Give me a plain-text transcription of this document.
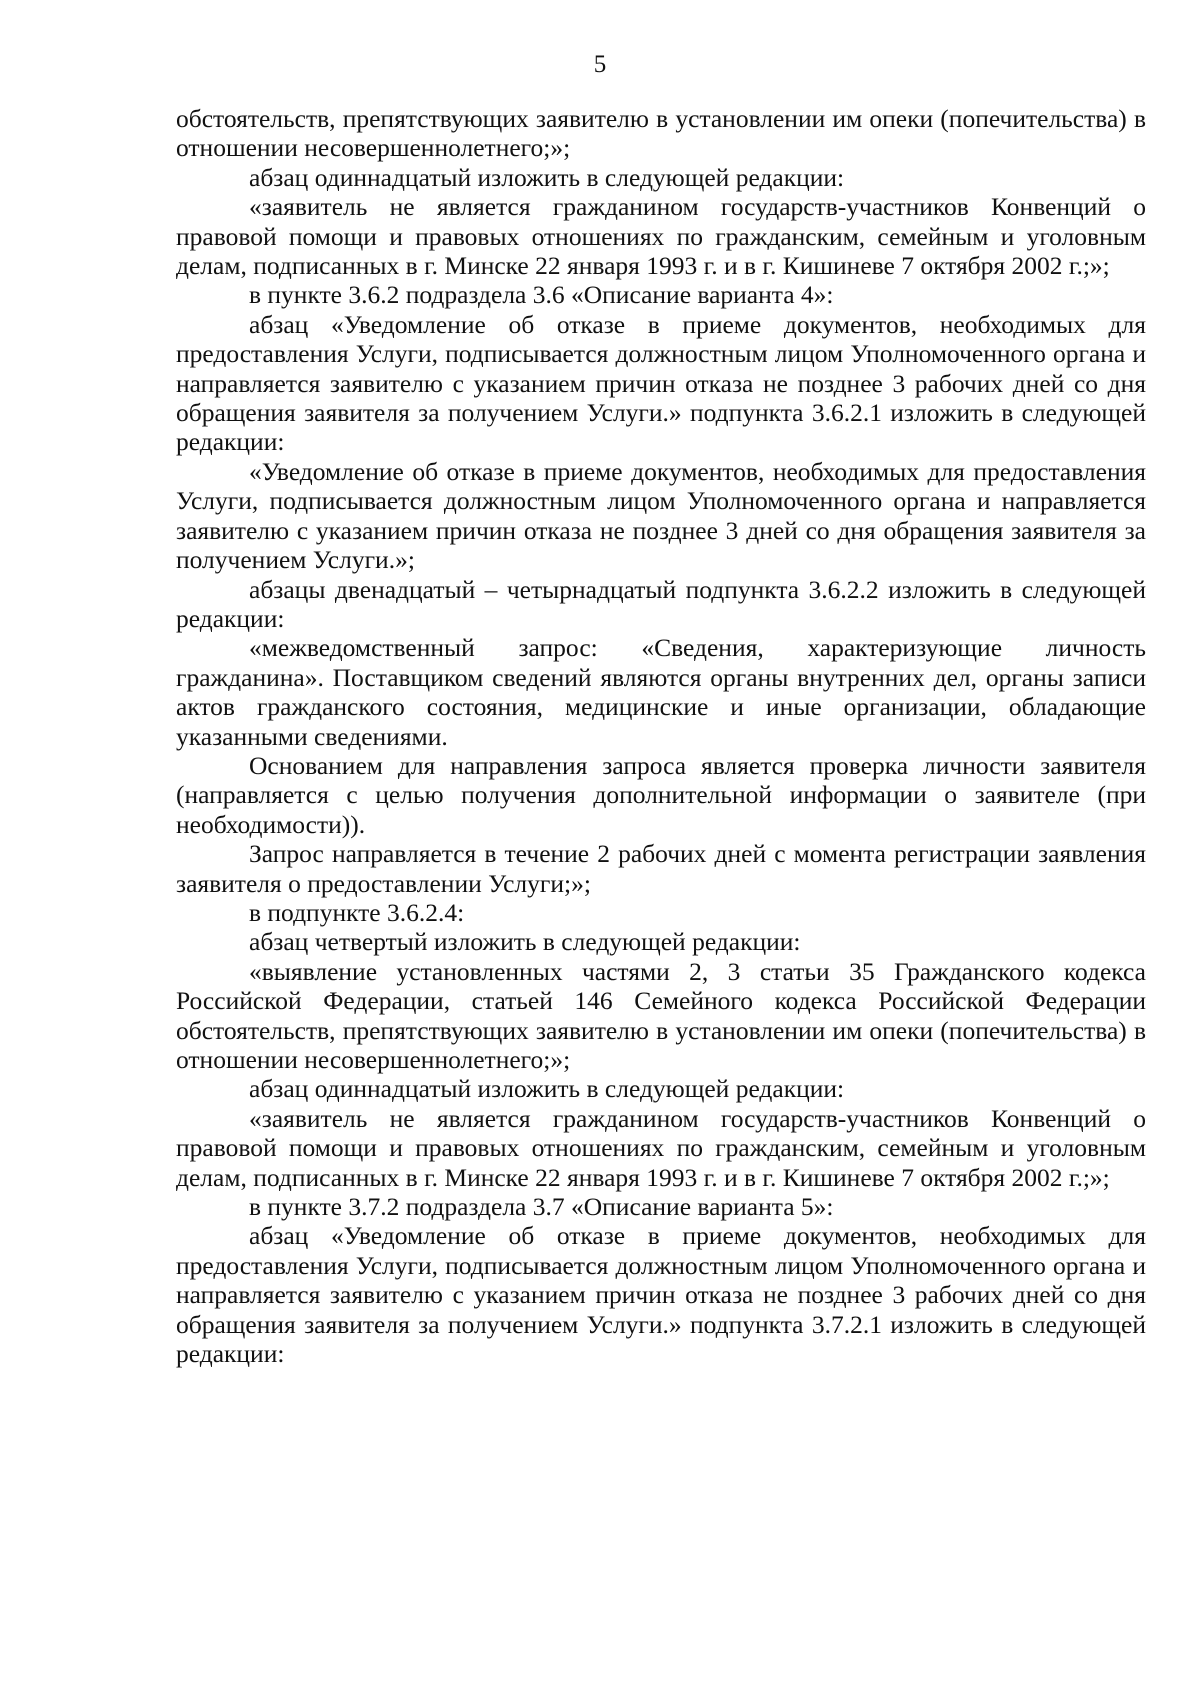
5

обстоятельств, препятствующих заявителю в установлении им опеки (попечительства) в отношении несовершеннолетнего;»;

абзац одиннадцатый изложить в следующей редакции:

«заявитель не является гражданином государств-участников Конвенций о правовой помощи и правовых отношениях по гражданским, семейным и уголовным делам, подписанных в г. Минске 22 января 1993 г. и в г. Кишиневе 7 октября 2002 г.;»;

в пункте 3.6.2 подраздела 3.6 «Описание варианта 4»:

абзац «Уведомление об отказе в приеме документов, необходимых для предоставления Услуги, подписывается должностным лицом Уполномоченного органа и направляется заявителю с указанием причин отказа не позднее 3 рабочих дней со дня обращения заявителя за получением Услуги.» подпункта 3.6.2.1 изложить в следующей редакции:

«Уведомление об отказе в приеме документов, необходимых для предоставления Услуги, подписывается должностным лицом Уполномоченного органа и направляется заявителю с указанием причин отказа не позднее 3 дней со дня обращения заявителя за получением Услуги.»;

абзацы двенадцатый – четырнадцатый подпункта 3.6.2.2 изложить в следующей редакции:

«межведомственный запрос: «Сведения, характеризующие личность гражданина». Поставщиком сведений являются органы внутренних дел, органы записи актов гражданского состояния, медицинские и иные организации, обладающие указанными сведениями.

Основанием для направления запроса является проверка личности заявителя (направляется с целью получения дополнительной информации о заявителе (при необходимости)).

Запрос направляется в течение 2 рабочих дней с момента регистрации заявления заявителя о предоставлении Услуги;»;

в подпункте 3.6.2.4:

абзац четвертый изложить в следующей редакции:

«выявление установленных частями 2, 3 статьи 35 Гражданского кодекса Российской Федерации, статьей 146 Семейного кодекса Российской Федерации обстоятельств, препятствующих заявителю в установлении им опеки (попечительства) в отношении несовершеннолетнего;»;

абзац одиннадцатый изложить в следующей редакции:

«заявитель не является гражданином государств-участников Конвенций о правовой помощи и правовых отношениях по гражданским, семейным и уголовным делам, подписанных в г. Минске 22 января 1993 г. и в г. Кишиневе 7 октября 2002 г.;»;

в пункте 3.7.2 подраздела 3.7 «Описание варианта 5»:

абзац «Уведомление об отказе в приеме документов, необходимых для предоставления Услуги, подписывается должностным лицом Уполномоченного органа и направляется заявителю с указанием причин отказа не позднее 3 рабочих дней со дня обращения заявителя за получением Услуги.» подпункта 3.7.2.1 изложить в следующей редакции:
